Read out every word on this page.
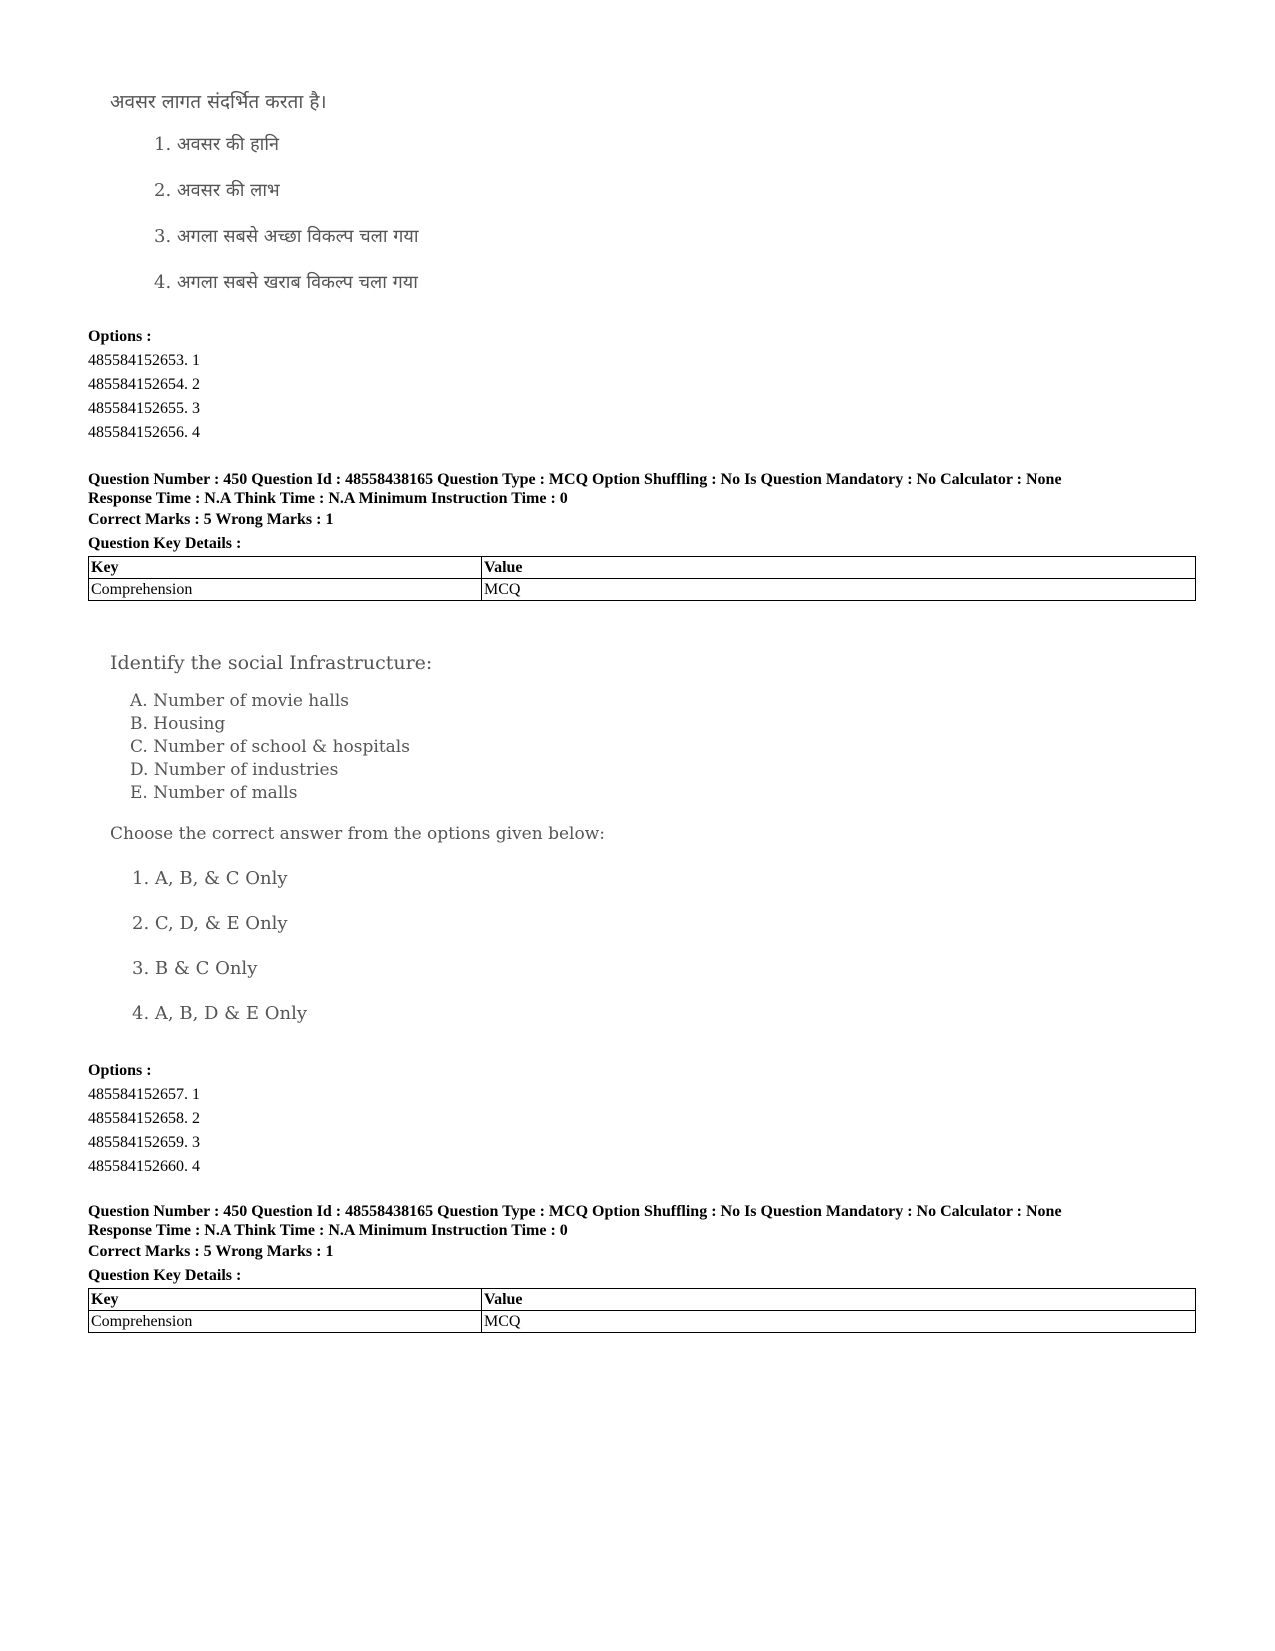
अवसर लागत संदर्भित करता है।
1. अवसर की हानि
2. अवसर की लाभ
3. अगला सबसे अच्छा विकल्प चला गया
4. अगला सबसे खराब विकल्प चला गया
Options :
485584152653. 1
485584152654. 2
485584152655. 3
485584152656. 4
Question Number : 450 Question Id : 48558438165 Question Type : MCQ Option Shuffling : No Is Question Mandatory : No Calculator : None
Response Time : N.A Think Time : N.A Minimum Instruction Time : 0
Correct Marks : 5 Wrong Marks : 1
Question Key Details :
Key	Value
Comprehension	MCQ
Identify the social Infrastructure:
A. Number of movie halls
B. Housing
C. Number of school & hospitals
D. Number of industries
E. Number of malls
Choose the correct answer from the options given below:
1. A, B, & C Only
2. C, D, & E Only
3. B & C Only
4. A, B, D & E Only
Options :
485584152657. 1
485584152658. 2
485584152659. 3
485584152660. 4
Question Number : 450 Question Id : 48558438165 Question Type : MCQ Option Shuffling : No Is Question Mandatory : No Calculator : None
Response Time : N.A Think Time : N.A Minimum Instruction Time : 0
Correct Marks : 5 Wrong Marks : 1
Question Key Details :
Key	Value
Comprehension	MCQ
